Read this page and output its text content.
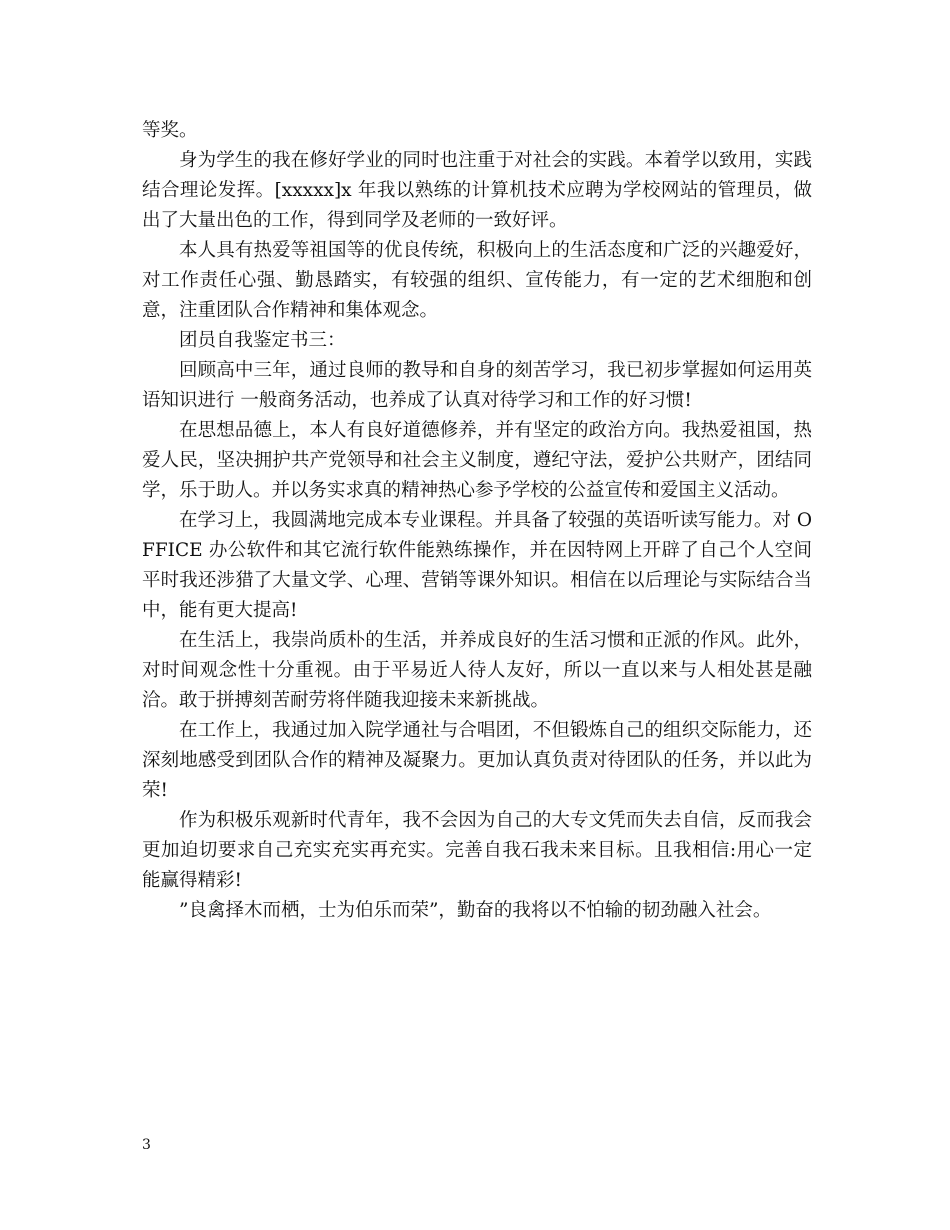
等奖。

身为学生的我在修好学业的同时也注重于对社会的实践。本着学以致用，实践结合理论发挥。[xxxxx]x 年我以熟练的计算机技术应聘为学校网站的管理员，做出了大量出色的工作，得到同学及老师的一致好评。

本人具有热爱等祖国等的优良传统，积极向上的生活态度和广泛的兴趣爱好，对工作责任心强、勤恳踏实，有较强的组织、宣传能力，有一定的艺术细胞和创意，注重团队合作精神和集体观念。

团员自我鉴定书三：

回顾高中三年，通过良师的教导和自身的刻苦学习，我已初步掌握如何运用英语知识进行 一般商务活动，也养成了认真对待学习和工作的好习惯!

在思想品德上，本人有良好道德修养，并有坚定的政治方向。我热爱祖国，热爱人民，坚决拥护共产党领导和社会主义制度，遵纪守法，爱护公共财产，团结同学，乐于助人。并以务实求真的精神热心参予学校的公益宣传和爱国主义活动。

在学习上，我圆满地完成本专业课程。并具备了较强的英语听读写能力。对 OFFICE 办公软件和其它流行软件能熟练操作，并在因特网上开辟了自己个人空间平时我还涉猎了大量文学、心理、营销等课外知识。相信在以后理论与实际结合当中，能有更大提高!

在生活上，我崇尚质朴的生活，并养成良好的生活习惯和正派的作风。此外，对时间观念性十分重视。由于平易近人待人友好，所以一直以来与人相处甚是融洽。敢于拼搏刻苦耐劳将伴随我迎接未来新挑战。

在工作上，我通过加入院学通社与合唱团，不但锻炼自己的组织交际能力，还深刻地感受到团队合作的精神及凝聚力。更加认真负责对待团队的任务，并以此为荣!

作为积极乐观新时代青年，我不会因为自己的大专文凭而失去自信，反而我会更加迫切要求自己充实充实再充实。完善自我石我未来目标。且我相信:用心一定能赢得精彩!

”良禽择木而栖，士为伯乐而荣”，勤奋的我将以不怕输的韧劲融入社会。

3
